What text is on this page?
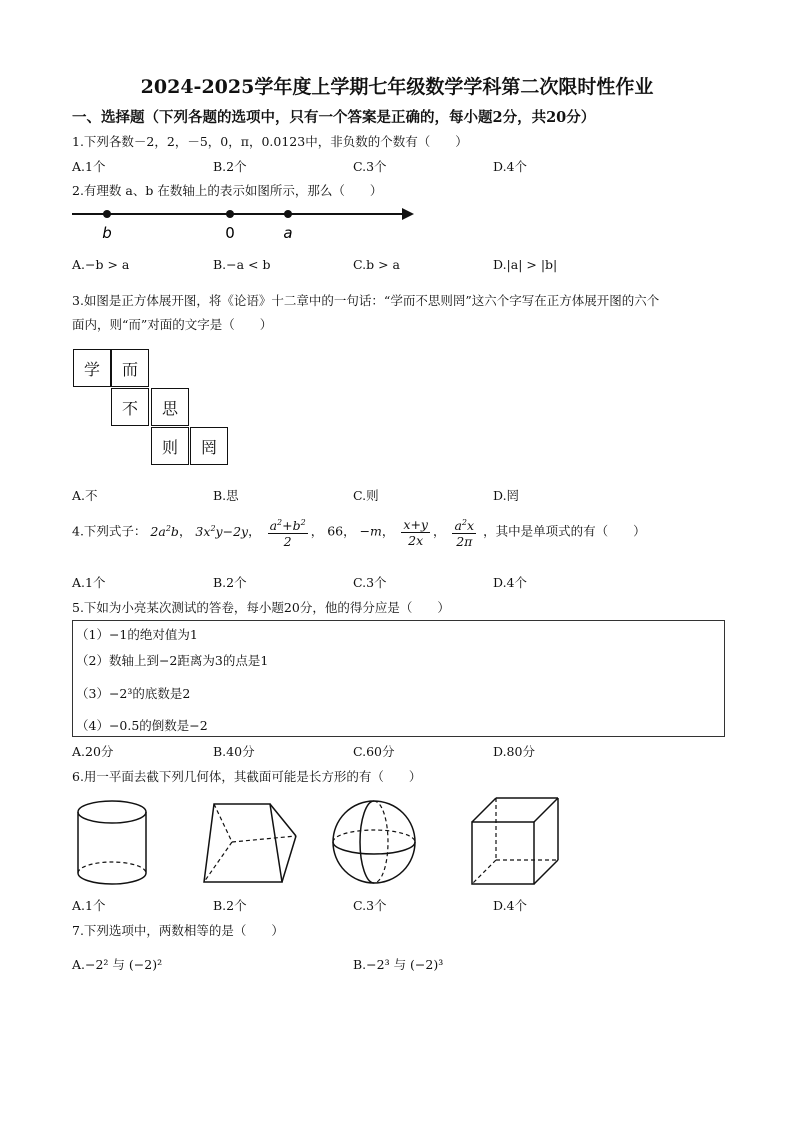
2024-2025学年度上学期七年级数学学科第二次限时性作业
一、选择题（下列各题的选项中，只有一个答案是正确的，每小题2分，共20分）
1.下列各数－2，2，－5，0，π，0.0123中，非负数的个数有（　　）
A.1个	B.2个	C.3个	D.4个
2.有理数 a、b 在数轴上的表示如图所示，那么（　　）
b	0	a
A.−b > a	B.−a < b	C.b > a	D.|a| > |b|
3.如图是正方体展开图，将《论语》十二章中的一句话：“学而不思则罔”这六个字写在正方体展开图的六个
面内，则“而”对面的文字是（　　）
学	而
不	思
则	罔
A.不	B.思	C.则	D.罔
4.下列式子： $2a^2b$， $3x^2y-2y$， $\frac{a^2+b^2}{2}$ ， 66， −m， $\frac{x+y}{2x}$ ， $\frac{a^2x}{2\pi}$ ，其中是单项式的有（　　）
A.1个	B.2个	C.3个	D.4个
5.下如为小亮某次测试的答卷，每小题20分，他的得分应是（　　）
（1）−1的绝对值为1
（2）数轴上到−2距离为3的点是1
（3）−2³的底数是2
（4）−0.5的倒数是−2
A.20分	B.40分	C.60分	D.80分
6.用一平面去截下列几何体，其截面可能是长方形的有（　　）
A.1个	B.2个	C.3个	D.4个
7.下列选项中，两数相等的是（　　）
A.−2² 与 (−2)²	B.−2³ 与 (−2)³
